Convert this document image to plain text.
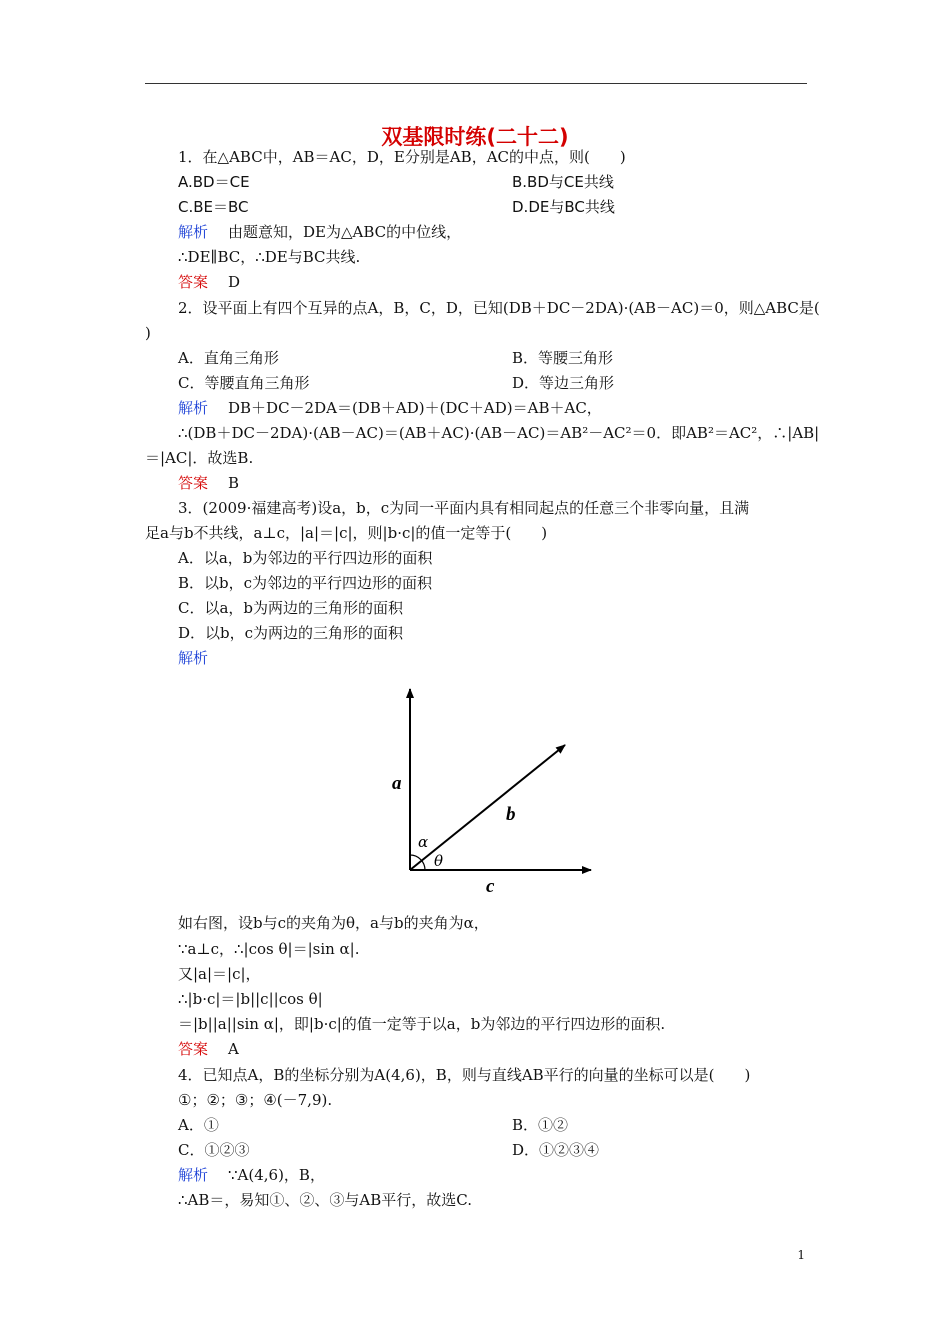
双基限时练(二十二)
1．在△ABC中，AB＝AC，D，E分别是AB，AC的中点，则(　　)
A.BD＝CE	B.BD与CE共线
C.BE＝BC	D.DE与BC共线
解析 由题意知，DE为△ABC的中位线，
∴DE∥BC，∴DE与BC共线.
答案 D
2．设平面上有四个互异的点A，B，C，D，已知(DB＋DC－2DA)·(AB－AC)＝0，则△ABC是(
)
A．直角三角形	B．等腰三角形
C．等腰直角三角形	D．等边三角形
解析 DB＋DC－2DA＝(DB＋AD)＋(DC＋AD)＝AB＋AC，
∴(DB＋DC－2DA)·(AB－AC)＝(AB＋AC)·(AB－AC)＝AB²－AC²＝0．即AB²＝AC²，∴|AB|
＝|AC|．故选B.
答案 B
3．(2009·福建高考)设a，b，c为同一平面内具有相同起点的任意三个非零向量，且满
足a与b不共线，a⊥c，|a|＝|c|，则|b·c|的值一定等于(　　)
A．以a，b为邻边的平行四边形的面积
B．以b，c为邻边的平行四边形的面积
C．以a，b为两边的三角形的面积
D．以b，c为两边的三角形的面积
解析
a
b
c
α
θ
如右图，设b与c的夹角为θ，a与b的夹角为α，
∵a⊥c，∴|cos θ|＝|sin α|.
又|a|＝|c|，
∴|b·c|＝|b||c||cos θ|
＝|b||a||sin α|，即|b·c|的值一定等于以a，b为邻边的平行四边形的面积.
答案 A
4．已知点A，B的坐标分别为A(4,6)，B，则与直线AB平行的向量的坐标可以是(　　)
①；②；③；④(－7,9).
A．①	B．①②
C．①②③	D．①②③④
解析 ∵A(4,6)，B，
∴AB＝，易知①、②、③与AB平行，故选C.
1
